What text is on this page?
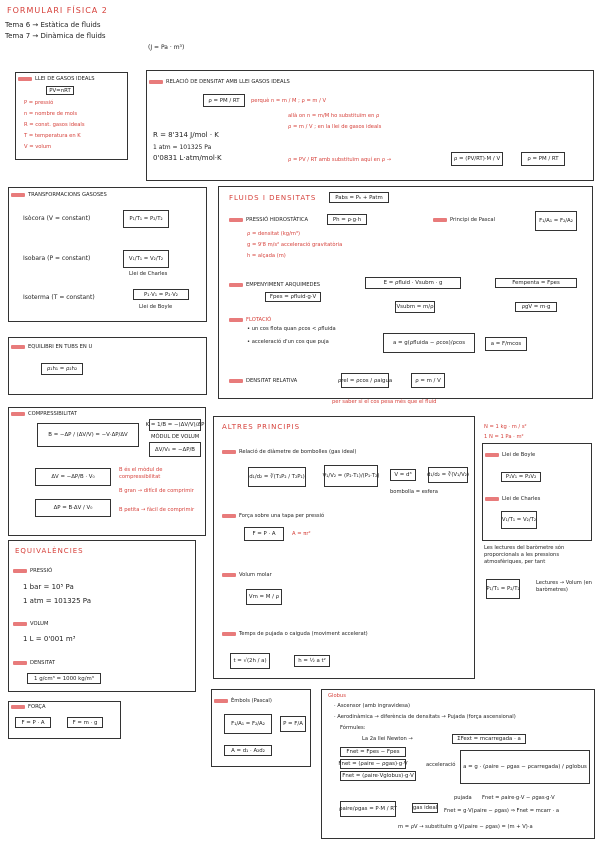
FORMULARI FÍSICA 2
Tema 6 → Estàtica de fluids
Tema 7 → Dinàmica de fluids
(J = Pa · m³)
LLEI DE GASOS IDEALS
PV=nRT
P = pressió
n = nombre de mols
R = const. gasos ideals
T = temperatura en K
V = volum
RELACIÓ DE DENSITAT AMB LLEI GASOS IDEALS
ρ = PM / RT	perquè n = m / M ; ρ = m / V
allà on n = m/M ho substituïm en ρ
ρ = m / V ; en la llei de gasos ideals
R = 8'314 J/mol · K
1 atm = 101325 Pa
0'0831 L·atm/mol·K	ρ = PV / RT amb substituïm aquí en ρ →	ρ = (PV/RT)·M / V	ρ = PM / RT
TRANSFORMACIONS GASOSES
Isòcora (V = constant)	P₁/T₁ = P₂/T₂
Isobara (P = constant)	V₁/T₁ = V₂/T₂
Llei de Charles
Isoterma (T = constant)	P₁·V₁ = P₂·V₂
Llei de Boyle
FLUIDS I DENSITATS	Pabs = Pₕ + Patm
PRESSIÓ HIDROSTÀTICA	Ph = ρ·g·h
ρ = densitat (kg/m³)
g = 9'8 m/s² acceleració gravitatòria
h = alçada (m)
Principi de Pascal	F₁/A₁ = F₂/A₂
EMPENYIMENT ARQUIMEDES	E = ρfluid · Vsubm · g
Fpes = ρfluid·g·V
Vsubm = m/ρ
Fempenta = Fpes
ρgV = m·g
FLOTACIÓ
• un cos flota quan ρcos < ρfluida
• acceleració d'un cos que puja	a = g(ρfluida − ρcos)/ρcos	a = F/mcos
DENSITAT RELATIVA	ρrel = ρcos / ρaigua	ρ = m / V
per saber si el cos pesa més que el fluid
EQUILIBRI EN TUBS EN U
ρ₁h₁ = ρ₂h₂
COMPRESSIBILITAT
B = −ΔP / (ΔV/V) = −V·ΔP/ΔV
K = 1/B = −(ΔV/V)/ΔP
MÒDUL DE VOLUM
ΔV/V₀ = −ΔP/B
ΔV = −ΔP/B · V₀
ΔP = B·ΔV / V₀
B és el mòdul de compressibilitat
B gran → difícil de comprimir
B petita → fàcil de comprimir
EQUIVALÈNCIES
PRESSIÓ
1 bar = 10⁵ Pa
1 atm = 101325 Pa
VOLUM
1 L = 0'001 m³
DENSITAT
1 g/cm³ = 1000 kg/m³
FORÇA
F = P · A	F = m · g
ALTRES PRINCIPIS
Relació de diàmetre de bombolles (gas ideal)
d₁/d₂ = ∛(T₁P₂ / T₂P₁)	V₁/V₂ = (P₂·T₁)/(P₁·T₂)	V = d³	d₁/d₂ = ∛(V₁/V₂)
bombolla = esfera
Força sobre una tapa per pressió
F = P · A	A = πr²
Volum molar
Vm = M / ρ
Temps de pujada o caiguda (moviment accelerat)
t = √(2h / a)	h = ½ a t²
N = 1 kg · m / s²
1 N = 1 Pa · m²
Llei de Boyle
P₁V₁ = P₂V₂
Llei de Charles
V₁/T₁ = V₂/T₂
Les lectures del baròmetre són proporcionals a les pressions atmosfèriques, per tant
P₁/T₁ = P₂/T₂
Lectures → Volum (en baròmetres)
Èmbols (Pascal)
F₁/A₁ = F₂/A₂	P = F/A
A = d₁ · A₂d₂
Globus
· Ascensor (amb ingravidesa)
· Aerodinàmica → diferència de densitats → Pujada (força ascensional)
Fórmules:
La 2a llei Newton →	ΣFext = mcarregada · a
Fnet = Fpes − Fpes
Fnet = (ρaire − ρgas)·g·V
Fnet = (ρaire·Vglobus)·g·V
acceleració	a = g · (ρaire − ρgas − ρcarregada) / ρglobus
ρaire/ρgas = P·M / RT	gas ideal
pujada Fnet = ρaire·g·V − ρgas·g·V
Fnet = g·V(ρaire − ρgas) ⇒ Fnet = mcarr · a
m = ρV → substituïm g·V(ρaire − ρgas) = (m + V)·a
